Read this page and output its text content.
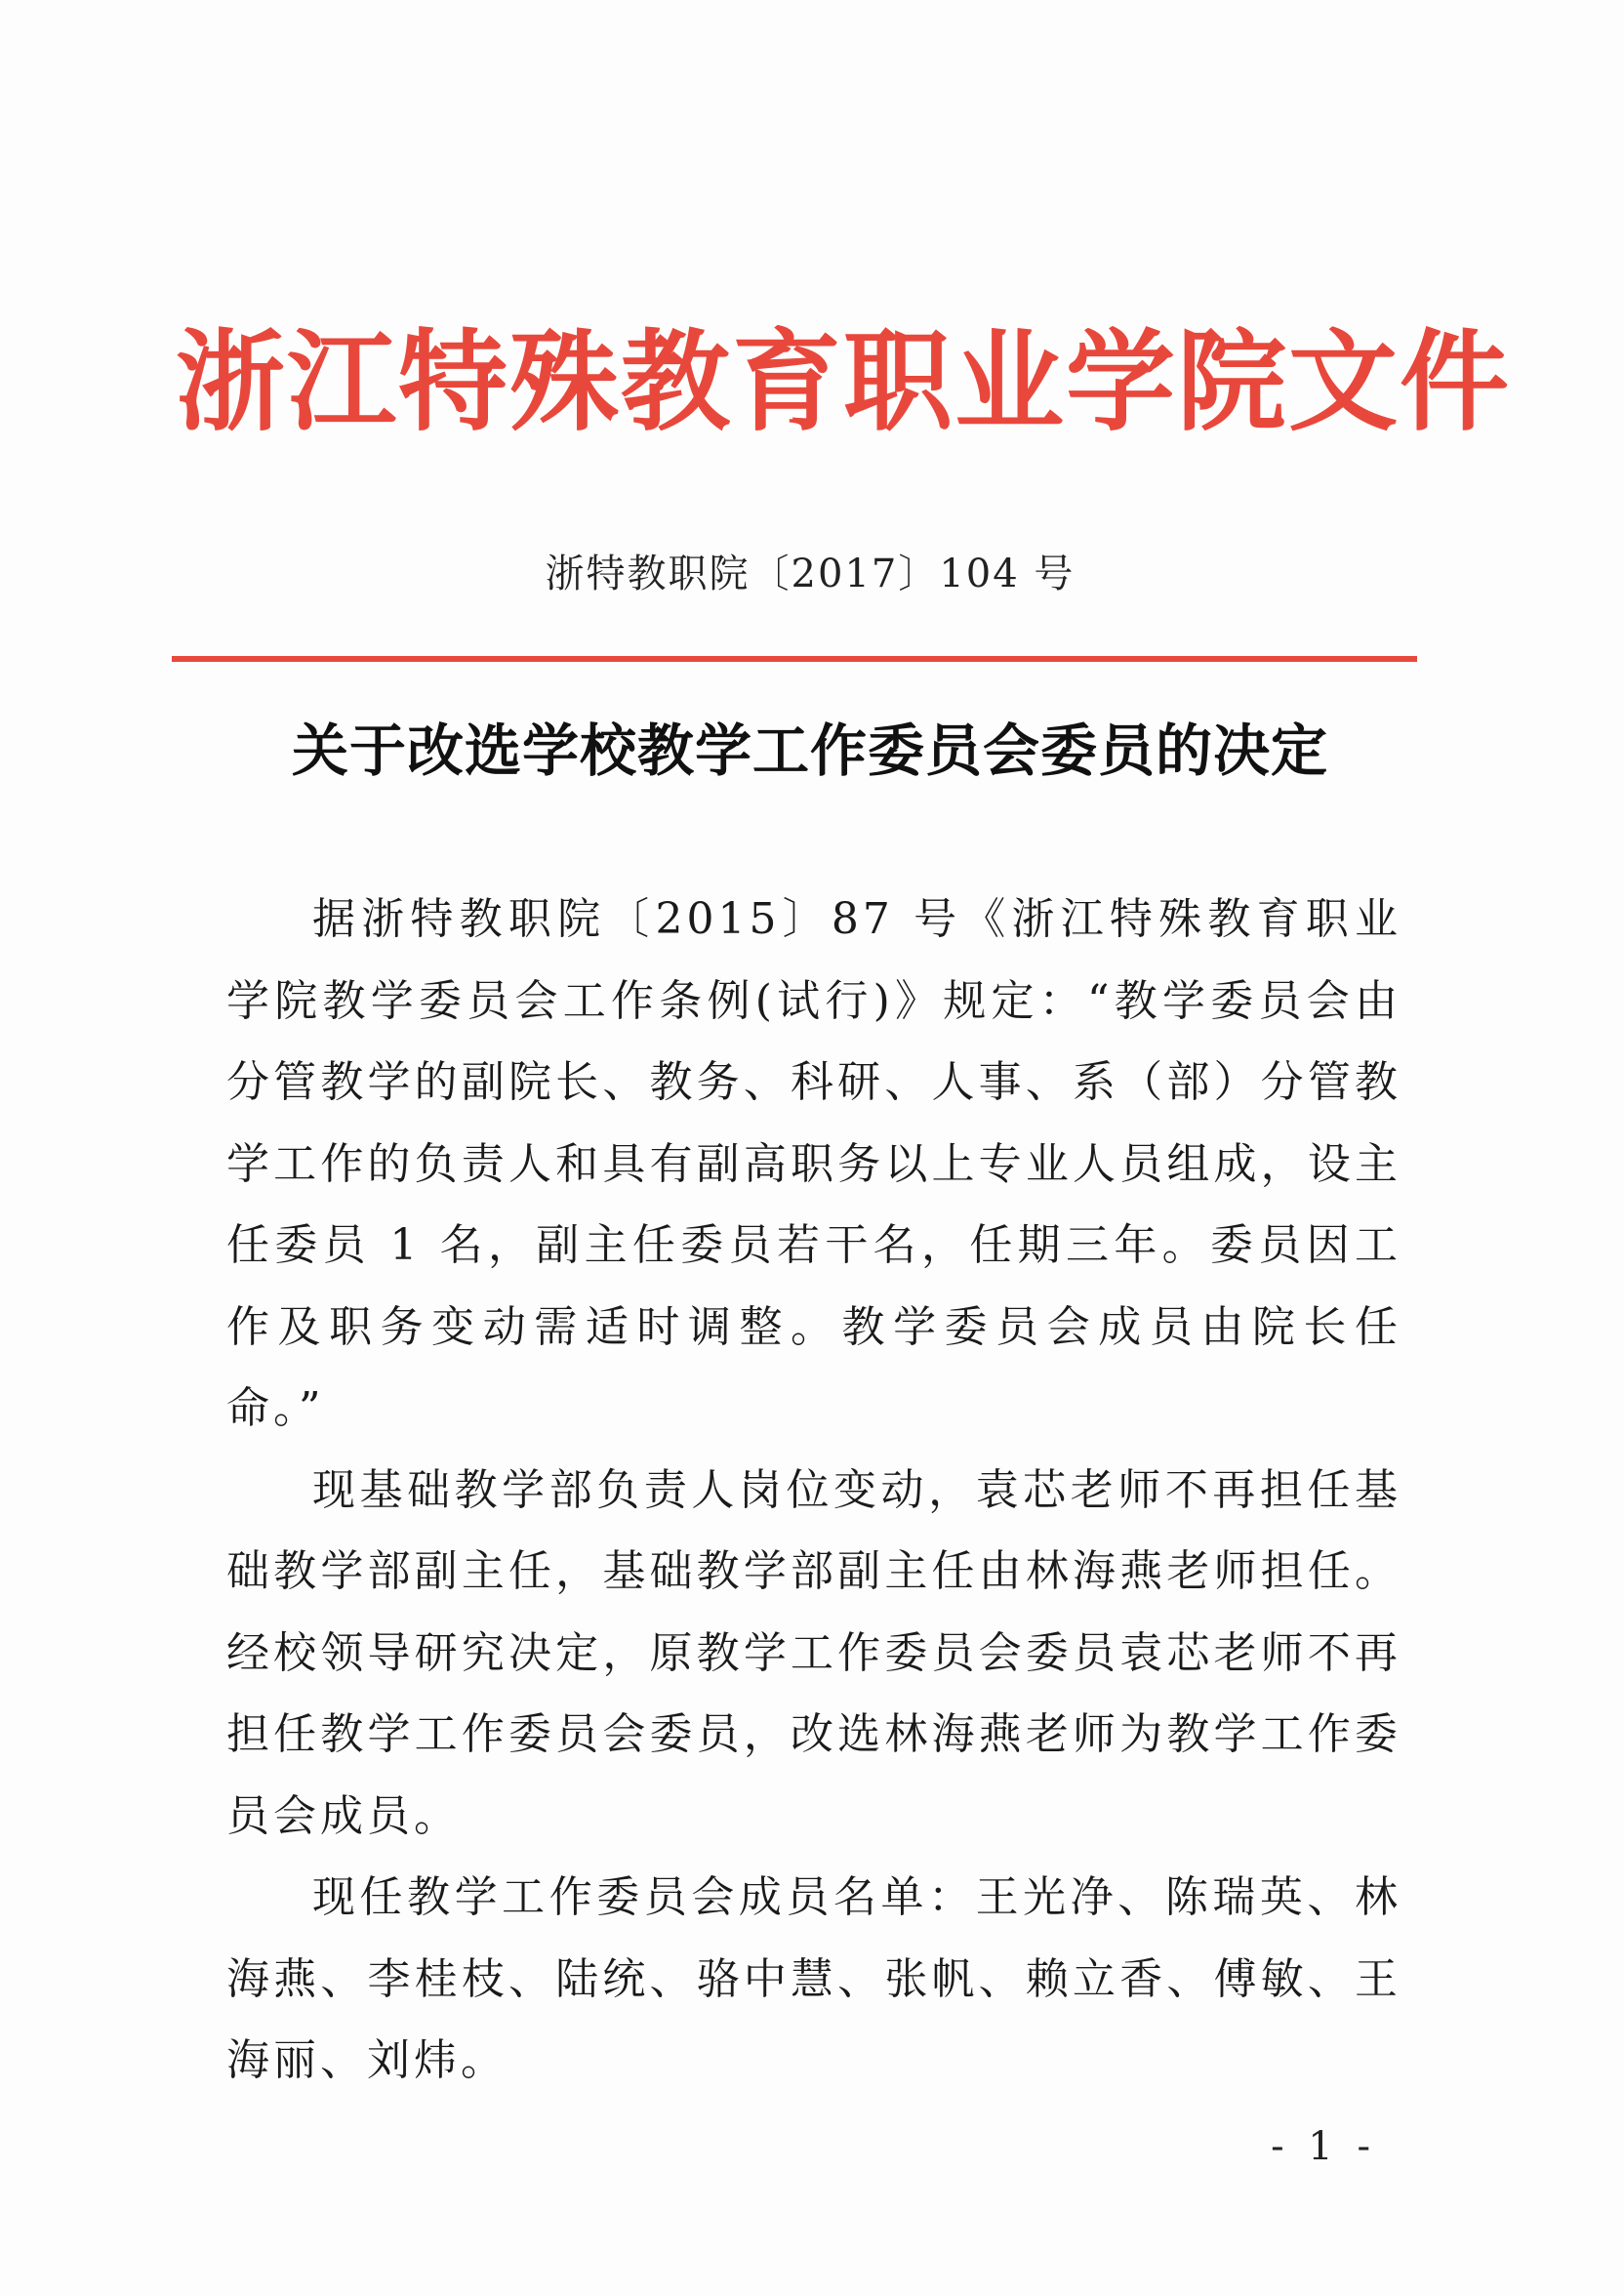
浙江特殊教育职业学院文件
浙特教职院〔2017〕104 号
关于改选学校教学工作委员会委员的决定

据浙特教职院〔2015〕87 号《浙江特殊教育职业学院教学委员会工作条例(试行)》规定：“教学委员会由分管教学的副院长、教务、科研、人事、系（部）分管教学工作的负责人和具有副高职务以上专业人员组成，设主任委员 1 名，副主任委员若干名，任期三年。委员因工作及职务变动需适时调整。教学委员会成员由院长任命。”

现基础教学部负责人岗位变动，袁芯老师不再担任基础教学部副主任，基础教学部副主任由林海燕老师担任。经校领导研究决定，原教学工作委员会委员袁芯老师不再担任教学工作委员会委员，改选林海燕老师为教学工作委员会成员。

现任教学工作委员会成员名单：王光净、陈瑞英、林海燕、李桂枝、陆统、骆中慧、张帆、赖立香、傅敏、王海丽、刘炜。

- 1 -
